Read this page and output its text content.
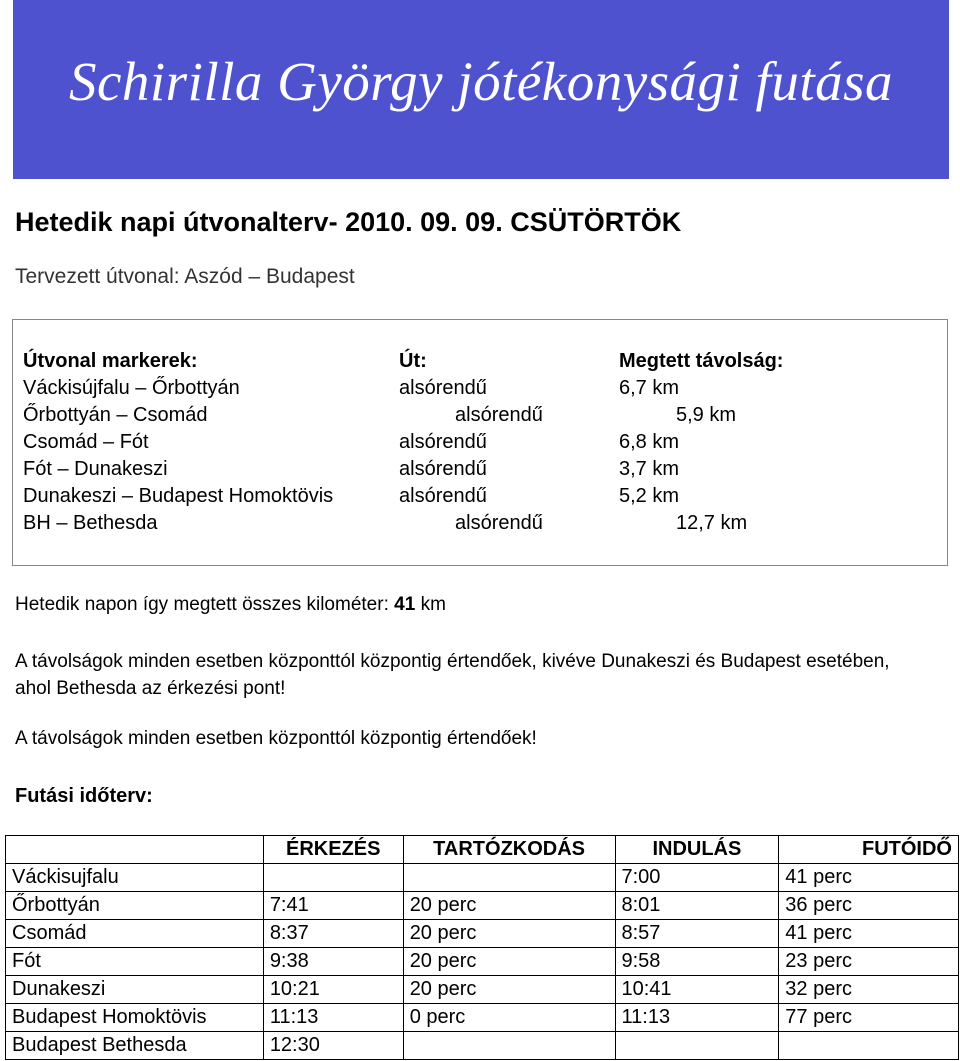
Schirilla György jótékonysági futása
Hetedik napi útvonalterv- 2010. 09. 09. CSÜTÖRTÖK
Tervezett útvonal: Aszód – Budapest
Útvonal markerek:	Út:	Megtett távolság:
Váckisújfalu – Őrbottyán	alsórendű	6,7 km
Őrbottyán – Csomád	alsórendű	5,9 km
Csomád – Fót	alsórendű	6,8 km
Fót – Dunakeszi	alsórendű	3,7 km
Dunakeszi – Budapest Homoktövis	alsórendű	5,2 km
BH – Bethesda	alsórendű	12,7 km
Hetedik napon így megtett összes kilométer: 41 km
A távolságok minden esetben központtól központig értendőek, kivéve Dunakeszi és Budapest esetében, ahol Bethesda az érkezési pont!
A távolságok minden esetben központtól központig értendőek!
Futási időterv:
	ÉRKEZÉS	TARTÓZKODÁS	INDULÁS	FUTÓIDŐ
Váckisujfalu			7:00	41 perc
Őrbottyán	7:41	20 perc	8:01	36 perc
Csomád	8:37	20 perc	8:57	41 perc
Fót	9:38	20 perc	9:58	23 perc
Dunakeszi	10:21	20 perc	10:41	32 perc
Budapest Homoktövis	11:13	0 perc	11:13	77 perc
Budapest Bethesda	12:30			
